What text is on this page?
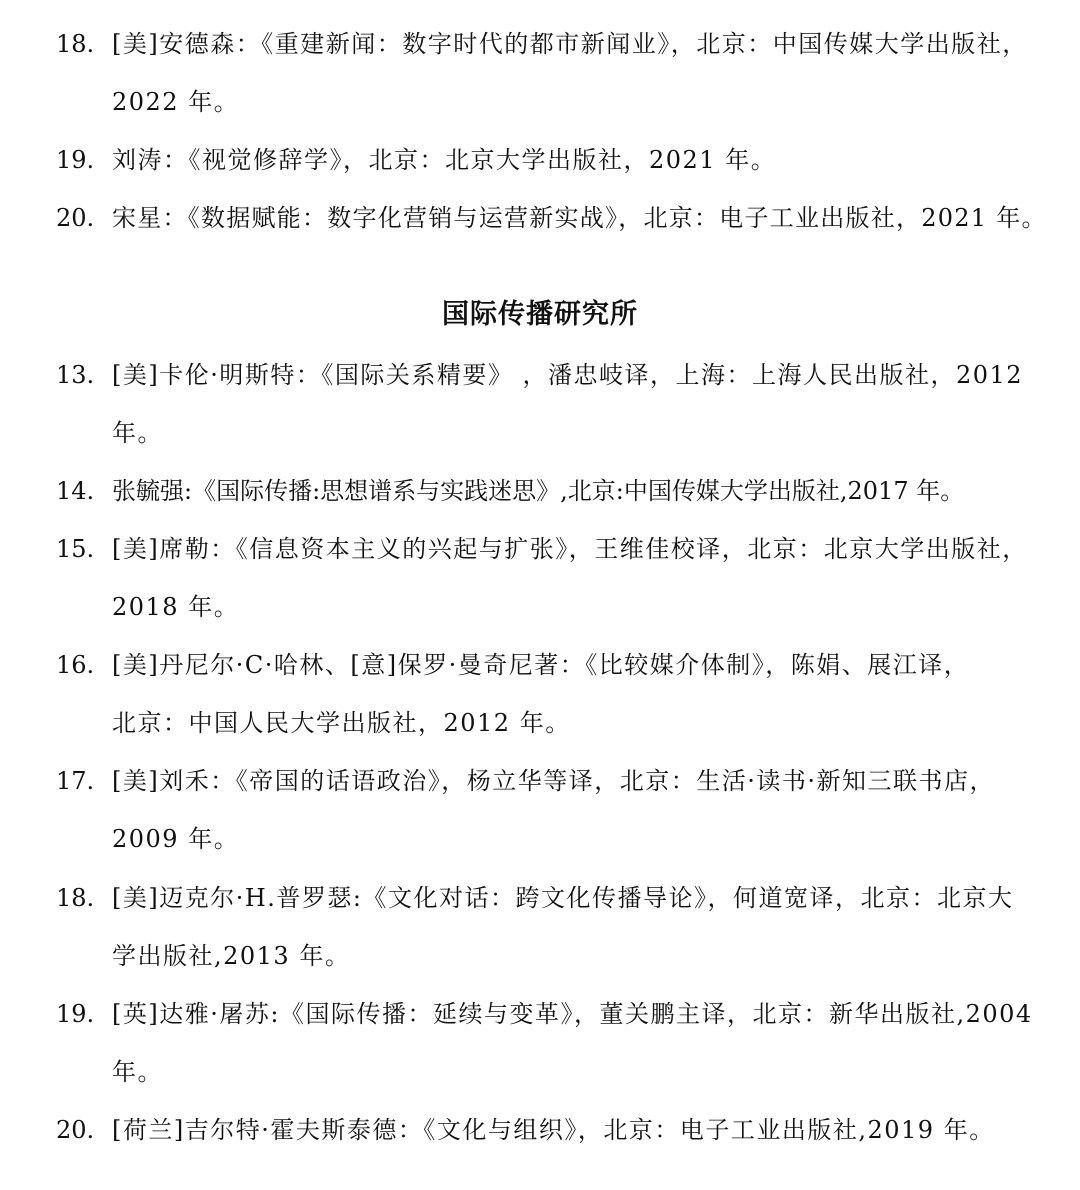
18. [美]安德森：《重建新闻：数字时代的都市新闻业》，北京：中国传媒大学出版社，
2022 年。
19. 刘涛：《视觉修辞学》，北京：北京大学出版社，2021 年。
20. 宋星：《数据赋能：数字化营销与运营新实战》，北京：电子工业出版社，2021 年。
国际传播研究所
13. [美]卡伦·明斯特：《国际关系精要》 ，潘忠岐译，上海：上海人民出版社，2012
年。
14. 张毓强:《国际传播:思想谱系与实践迷思》,北京:中国传媒大学出版社,2017 年。
15. [美]席勒：《信息资本主义的兴起与扩张》，王维佳校译，北京：北京大学出版社，
2018 年。
16. [美]丹尼尔·C·哈林、[意]保罗·曼奇尼著：《比较媒介体制》，陈娟、展江译，
北京：中国人民大学出版社，2012 年。
17. [美]刘禾：《帝国的话语政治》，杨立华等译，北京：生活·读书·新知三联书店，
2009 年。
18. [美]迈克尔·H.普罗瑟:《文化对话：跨文化传播导论》，何道宽译，北京：北京大
学出版社,2013 年。
19. [英]达雅·屠苏:《国际传播：延续与变革》，董关鹏主译，北京：新华出版社,2004
年。
20. [荷兰]吉尔特·霍夫斯泰德：《文化与组织》，北京：电子工业出版社,2019 年。
